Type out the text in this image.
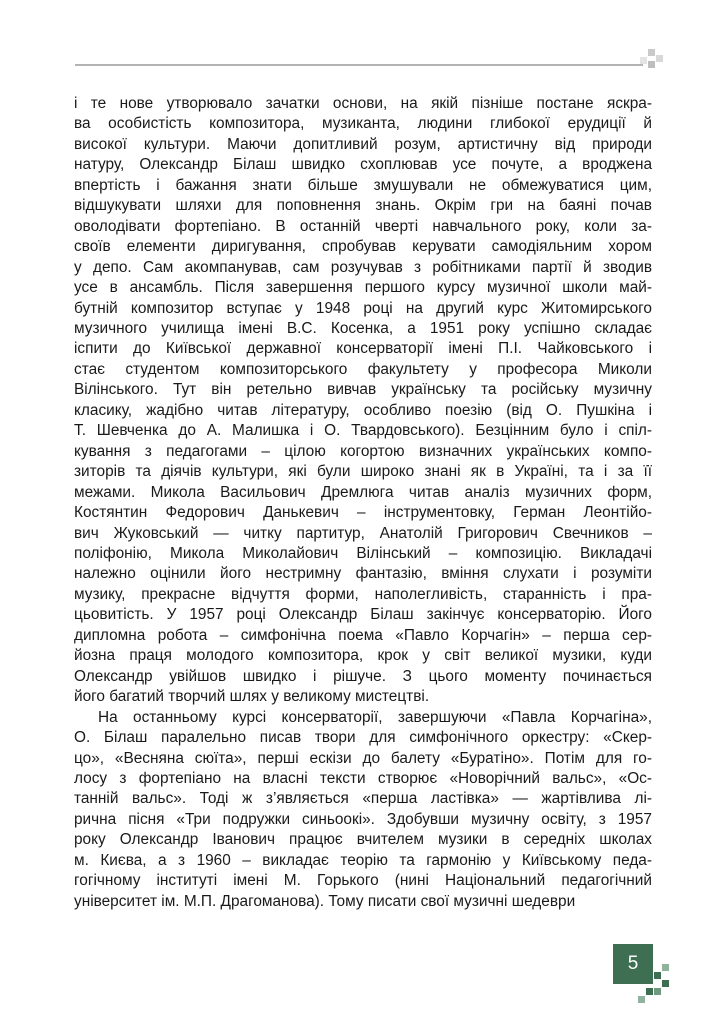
і те нове утворювало зачатки основи, на якій пізніше постане яскра-
ва особистість композитора, музиканта, людини глибокої ерудиції й
високої культури. Маючи допитливий розум, артистичну від природи
натуру, Олександр Білаш швидко схоплював усе почуте, а вроджена
впертість і бажання знати більше змушували не обмежуватися цим,
відшукувати шляхи для поповнення знань. Окрім гри на баяні почав
оволодівати фортепіано. В останній чверті навчального року, коли за-
своїв елементи диригування, спробував керувати самодіяльним хором
у депо. Сам акомпанував, сам розучував з робітниками партії й зводив
усе в ансамбль. Після завершення першого курсу музичної школи май-
бутній композитор вступає у 1948 році на другий курс Житомирського
музичного училища імені В.С. Косенка, а 1951 року успішно складає
іспити до Київської державної консерваторії імені П.І. Чайковського і
стає студентом композиторського факультету у професора Миколи
Вілінського. Тут він ретельно вивчав українську та російську музичну
класику, жадібно читав літературу, особливо поезію (від О. Пушкіна і
Т. Шевченка до А. Малишка і О. Твардовського). Безцінним було і спіл-
кування з педагогами – цілою когортою визначних українських компо-
зиторів та діячів культури, які були широко знані як в Україні, та і за її
межами. Микола Васильович Дремлюга читав аналіз музичних форм,
Костянтин Федорович Данькевич – інструментовку, Герман Леонтійо-
вич Жуковський — читку партитур, Анатолій Григорович Свечников –
поліфонію, Микола Миколайович Вілінський – композицію. Викладачі
належно оцінили його нестримну фантазію, вміння слухати і розуміти
музику, прекрасне відчуття форми, наполегливість, старанність і пра-
цьовитість. У 1957 році Олександр Білаш закінчує консерваторію. Його
дипломна робота – симфонічна поема «Павло Корчагін» – перша сер-
йозна праця молодого композитора, крок у світ великої музики, куди
Олександр увійшов швидко і рішуче. З цього моменту починається
його багатий творчий шлях у великому мистецтві.

На останньому курсі консерваторії, завершуючи «Павла Корчагіна»,
О. Білаш паралельно писав твори для симфонічного оркестру: «Скер-
цо», «Весняна сюїта», перші ескізи до балету «Буратіно». Потім для го-
лосу з фортепіано на власні тексти створює «Новорічний вальс», «Ос-
танній вальс». Тоді ж з’являється «перша ластівка» — жартівлива лі-
рична пісня «Три подружки синьоокі». Здобувши музичну освіту, з 1957
року Олександр Іванович працює вчителем музики в середніх школах
м. Києва, а з 1960 – викладає теорію та гармонію у Київському педа-
гогічному інституті імені М. Горького (нині Національний педагогічний
університет ім. М.П. Драгоманова). Тому писати свої музичні шедеври

5
